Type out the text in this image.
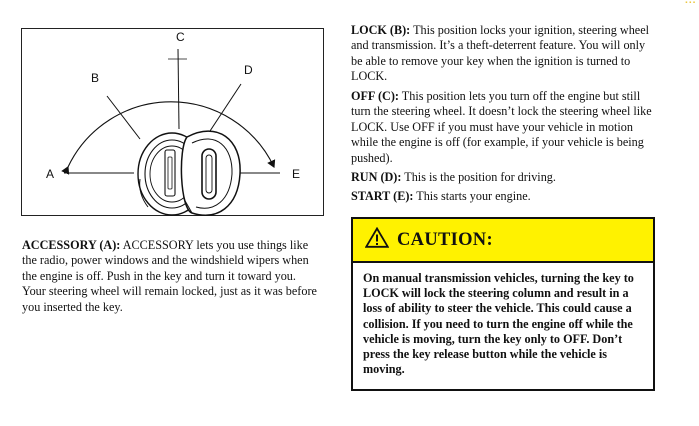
▪ ▪ ▪
C
B
D
A	E

ACCESSORY (A): ACCESSORY lets you use things like the radio, power windows and the windshield wipers when the engine is off. Push in the key and turn it toward you. Your steering wheel will remain locked, just as it was before you inserted the key.

LOCK (B): This position locks your ignition, steering wheel and transmission. It’s a theft-deterrent feature. You will only be able to remove your key when the ignition is turned to LOCK.

OFF (C): This position lets you turn off the engine but still turn the steering wheel. It doesn’t lock the steering wheel like LOCK. Use OFF if you must have your vehicle in motion while the engine is off (for example, if your vehicle is being pushed).

RUN (D): This is the position for driving.

START (E): This starts your engine.

CAUTION:

On manual transmission vehicles, turning the key to LOCK will lock the steering column and result in a loss of ability to steer the vehicle. This could cause a collision. If you need to turn the engine off while the vehicle is moving, turn the key only to OFF. Don’t press the key release button while the vehicle is moving.
